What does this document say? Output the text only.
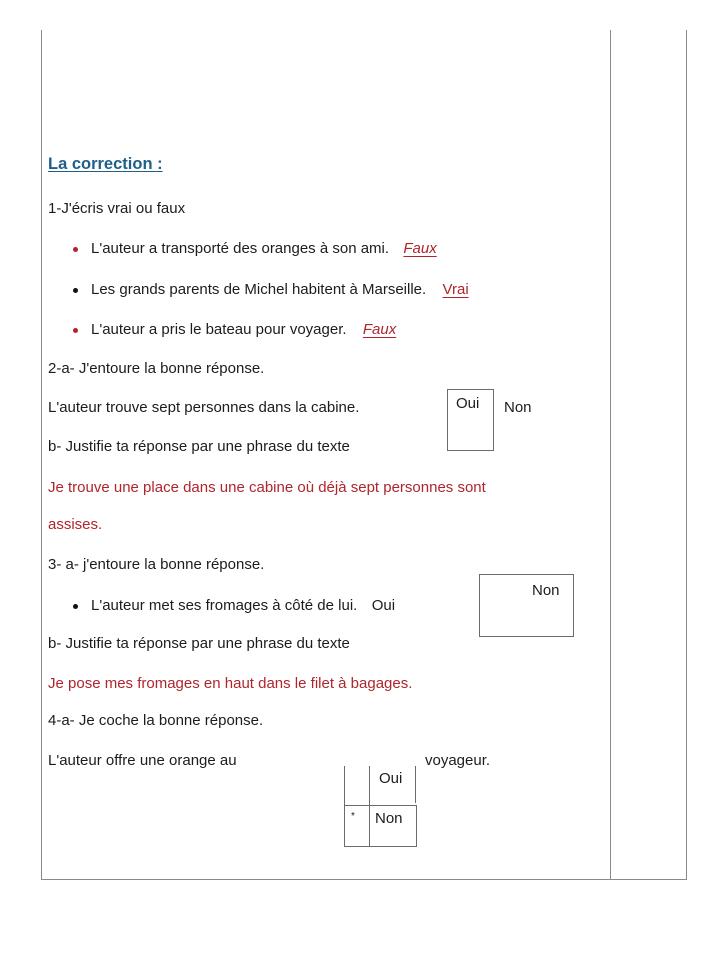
La correction :
1-J'écris vrai ou faux
L'auteur a transporté des oranges à son ami. Faux
Les grands parents de Michel habitent à Marseille. Vrai
L'auteur a pris le bateau pour voyager. Faux
2-a- J'entoure la bonne réponse.
L'auteur trouve sept personnes dans la cabine.	Oui Non
b- Justifie ta réponse par une phrase du texte
Je trouve une place dans une cabine où déjà sept personnes sont
assises.
3- a- j'entoure la bonne réponse.
L'auteur met ses fromages à côté de lui. Oui
Non
b- Justifie ta réponse par une phrase du texte
Je pose mes fromages en haut dans le filet à bagages.
4-a- Je coche la bonne réponse.
L'auteur offre une orange au	voyageur.
Oui
* Non
